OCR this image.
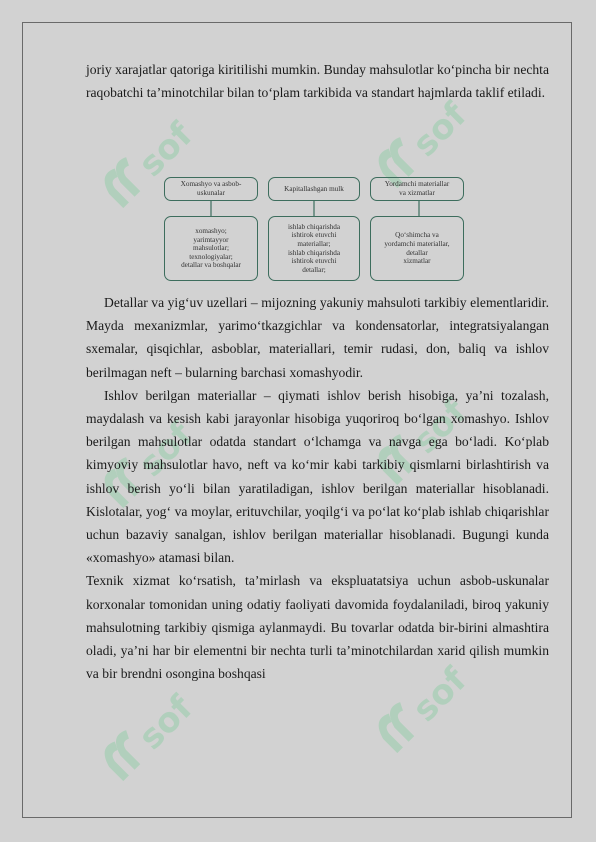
sof	sof
sof	sof
sof	sof

joriy xarajatlar qatoriga kiritilishi mumkin. Bunday mahsulotlar ko‘pincha bir nechta raqobatchi ta’minotchilar bilan to‘plam tarkibida va standart hajmlarda taklif etiladi.

Xomashyo va asbob-
uskunalar
Kapitallashgan mulk
Yordamchi materiallar
va xizmatlar
xomashyo;
yarimtayyor
mahsulotlar;
texnologiyalar;
detallar va boshqalar
ishlab chiqarishda
ishtirok etuvchi
materiallar;
ishlab chiqarishda
ishtirok etuvchi
detallar;
Qo‘shimcha va
yordamchi materiallar,
detallar
xizmatlar

Detallar va yig‘uv uzellari – mijozning yakuniy mahsuloti tarkibiy elementlaridir. Mayda mexanizmlar, yarimo‘tkazgichlar va kondensatorlar, integratsiyalangan sxemalar, qisqichlar, asboblar, materiallari, temir rudasi, don, baliq va ishlov berilmagan neft – bularning barchasi xomashyodir.

Ishlov berilgan materiallar – qiymati ishlov berish hisobiga, ya’ni tozalash, maydalash va kesish kabi jarayonlar hisobiga yuqoriroq bo‘lgan xomashyo. Ishlov berilgan mahsulotlar odatda standart o‘lchamga va navga ega bo‘ladi. Ko‘plab kimyoviy mahsulotlar havo, neft va ko‘mir kabi tarkibiy qismlarni birlashtirish va ishlov berish yo‘li bilan yaratiladigan, ishlov berilgan materiallar hisoblanadi. Kislotalar, yog‘ va moylar, erituvchilar, yoqilg‘i va po‘lat ko‘plab ishlab chiqarishlar uchun bazaviy sanalgan, ishlov berilgan materiallar hisoblanadi. Bugungi kunda «xomashyo» atamasi bilan.

Texnik xizmat ko‘rsatish, ta’mirlash va ekspluatatsiya uchun asbob-uskunalar korxonalar tomonidan uning odatiy faoliyati davomida foydalaniladi, biroq yakuniy mahsulotning tarkibiy qismiga aylanmaydi. Bu tovarlar odatda bir-birini almashtira oladi, ya’ni har bir elementni bir nechta turli ta’minotchilardan xarid qilish mumkin va bir brendni osongina boshqasi
